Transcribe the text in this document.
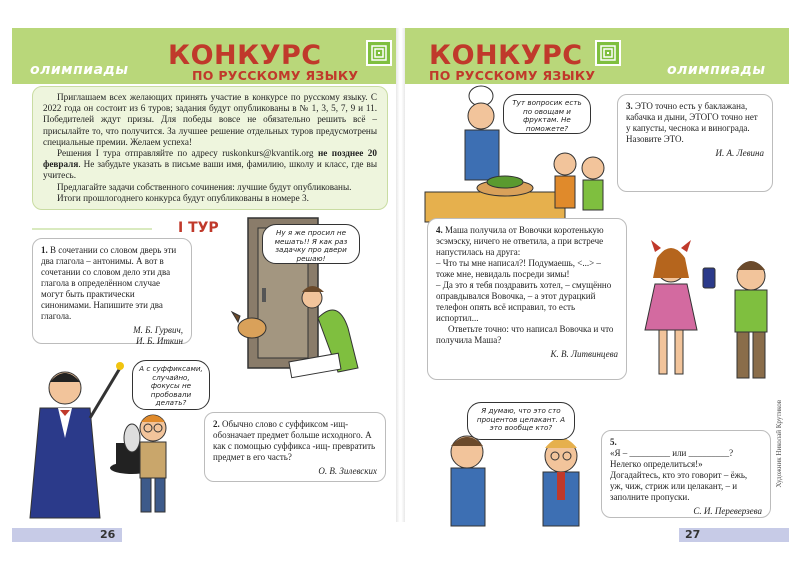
олимпиады КОНКУРС
ПО РУССКОМУ ЯЗЫКУ

Приглашаем всех желающих принять участие в конкурсе по русскому языку. С 2022 года он состоит из 6 туров; задания будут опубликованы в № 1, 3, 5, 7, 9 и 11. Победителей ждут призы. Для победы вовсе не обязательно решить всё – присылайте то, что получится. За лучшее решение отдельных туров предусмотрены специальные премии. Желаем успеха!

Решения I тура отправляйте по адресу ruskonkurs@kvantik.org не позднее 20 февраля. Не забудьте указать в письме ваши имя, фамилию, школу и класс, где вы учитесь.

Предлагайте задачи собственного сочинения: лучшие будут опубликованы.

Итоги прошлогоднего конкурса будут опубликованы в номере 3.

I ТУР
1. В сочетании со словом дверь эти два глагола – антонимы. А вот в сочетании со словом дело эти два глагола в определённом случае могут быть практически синонимами. Напишите эти два глагола.
М. Б. Гурвич,
И. Б. Иткин
Ну я же просил не мешать!! Я как раз задачку про двери решаю!
А с суффиксами, случайно, фокусы не пробовали делать?
2. Обычно слово с суффиксом -ищ- обозначает предмет больше исходного. А как с помощью суффикса -ищ- превратить предмет в его часть?
О. В. Зилевских
26
КОНКУРС
ПО РУССКОМУ ЯЗЫКУ	олимпиады
Тут вопросик есть по овощам и фруктам. Не поможете?
3. ЭТО точно есть у баклажана, кабачка и дыни, ЭТОГО точно нет у капусты, чеснока и винограда. Назовите ЭТО.
И. А. Левина
4. Маша получила от Вовочки коротенькую эсэмэску, ничего не ответила, а при встрече напустилась на друга:
– Что ты мне написал?! Подумаешь, <...> – тоже мне, невидаль посреди зимы!
– Да это я тебя поздравить хотел, – смущённо оправдывался Вовочка, – а этот дурацкий телефон опять всё исправил, то есть испортил...
Ответьте точно: что написал Вовочка и что получила Маша?
К. В. Литвинцева
Я думаю, что это сто процентов целакант. А это вообще кто?
5.
«Я – _________ или _________?
Нелегко определиться!»
Догадайтесь, кто это говорит – ёжь, уж, чиж, стриж или целакант, – и заполните пропуски.
С. И. Переверзева
27
Художник Николай Крутиков
